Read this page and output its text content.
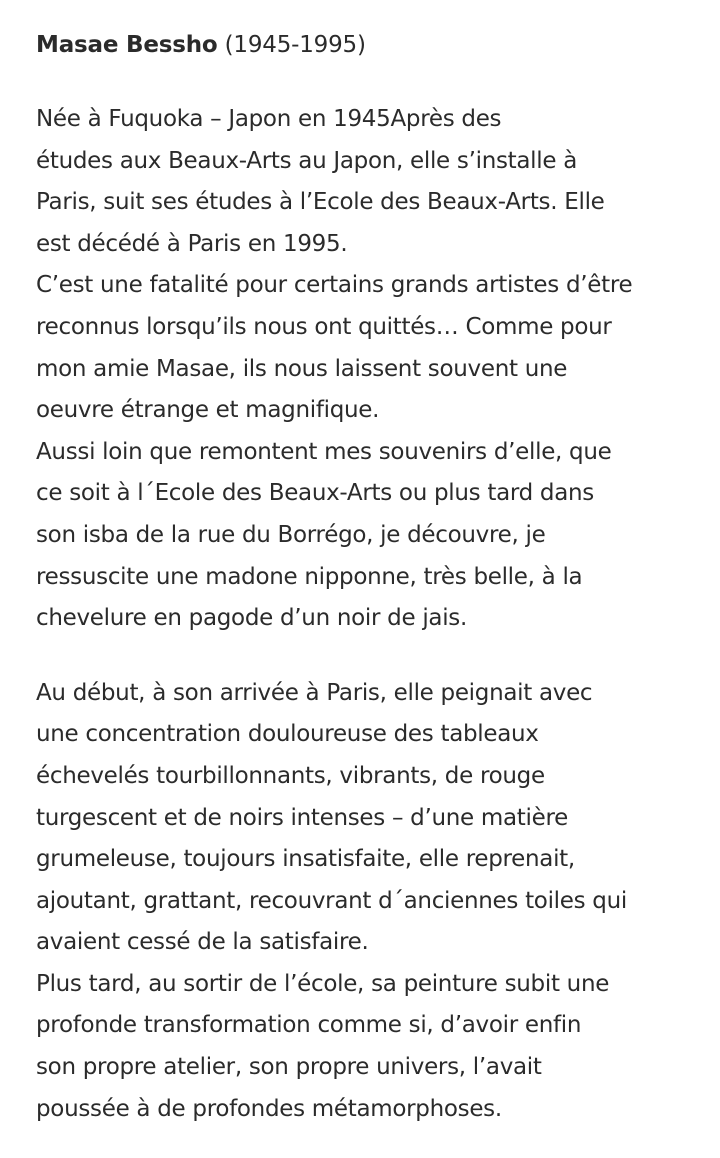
Masae Bessho (1945-1995)

Née à Fuquoka – Japon en 1945Après des
études aux Beaux-Arts au Japon, elle s’installe à
Paris, suit ses études à l’Ecole des Beaux-Arts. Elle
est décédé à Paris en 1995.
C’est une fatalité pour certains grands artistes d’être
reconnus lorsqu’ils nous ont quittés… Comme pour
mon amie Masae, ils nous laissent souvent une
oeuvre étrange et magnifique.
Aussi loin que remontent mes souvenirs d’elle, que
ce soit à l´Ecole des Beaux-Arts ou plus tard dans
son isba de la rue du Borrégo, je découvre, je
ressuscite une madone nipponne, très belle, à la
chevelure en pagode d’un noir de jais.

Au début, à son arrivée à Paris, elle peignait avec
une concentration douloureuse des tableaux
échevelés tourbillonnants, vibrants, de rouge
turgescent et de noirs intenses – d’une matière
grumeleuse, toujours insatisfaite, elle reprenait,
ajoutant, grattant, recouvrant d´anciennes toiles qui
avaient cessé de la satisfaire.
Plus tard, au sortir de l’école, sa peinture subit une
profonde transformation comme si, d’avoir enfin
son propre atelier, son propre univers, l’avait
poussée à de profondes métamorphoses.
